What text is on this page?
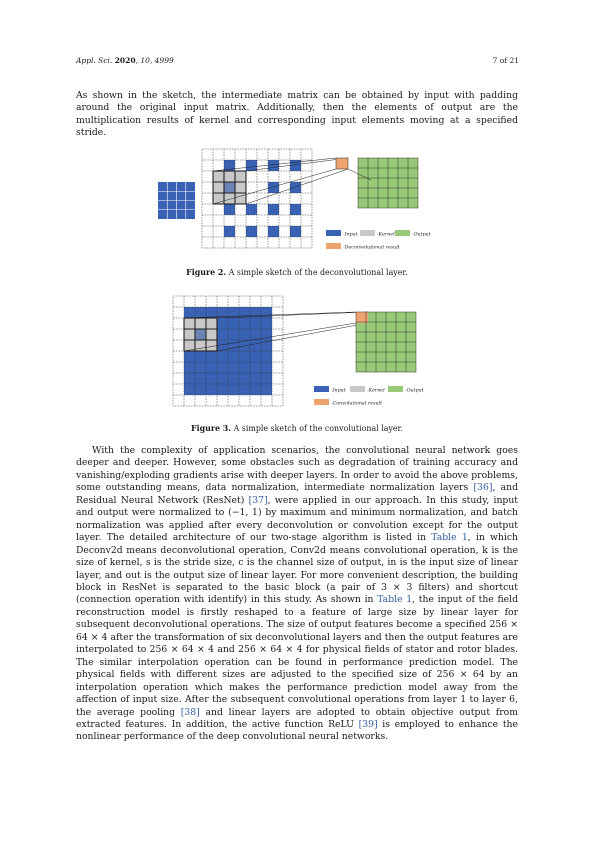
Appl. Sci. 2020, 10, 4999	7 of 21

As shown in the sketch, the intermediate matrix can be obtained by input with padding around the original input matrix. Additionally, then the elements of output are the multiplication results of kernel and corresponding input elements moving at a specified stride.

-Input	-Kernel	-Output
-Deconvolutional result
Figure 2. A simple sketch of the deconvolutional layer.
-Input	-Kernel	-Output
-Convolutional result
Figure 3. A simple sketch of the convolutional layer.

With the complexity of application scenarios, the convolutional neural network goes deeper and deeper. However, some obstacles such as degradation of training accuracy and vanishing/exploding gradients arise with deeper layers. In order to avoid the above problems, some outstanding means, data normalization, intermediate normalization layers [36], and Residual Neural Network (ResNet) [37], were applied in our approach. In this study, input and output were normalized to (−1, 1) by maximum and minimum normalization, and batch normalization was applied after every deconvolution or convolution except for the output layer. The detailed architecture of our two-stage algorithm is listed in Table 1, in which Deconv2d means deconvolutional operation, Conv2d means convolutional operation, k is the size of kernel, s is the stride size, c is the channel size of output, in is the input size of linear layer, and out is the output size of linear layer. For more convenient description, the building block in ResNet is separated to the basic block (a pair of 3 × 3 filters) and shortcut (connection operation with identify) in this study. As shown in Table 1, the input of the field reconstruction model is firstly reshaped to a feature of large size by linear layer for subsequent deconvolutional operations. The size of output features become a specified 256 × 64 × 4 after the transformation of six deconvolutional layers and then the output features are interpolated to 256 × 64 × 4 and 256 × 64 × 4 for physical fields of stator and rotor blades. The similar interpolation operation can be found in performance prediction model. The physical fields with different sizes are adjusted to the specified size of 256 × 64 by an interpolation operation which makes the performance prediction model away from the affection of input size. After the subsequent convolutional operations from layer 1 to layer 6, the average pooling [38] and linear layers are adopted to obtain objective output from extracted features. In addition, the active function ReLU [39] is employed to enhance the nonlinear performance of the deep convolutional neural networks.
